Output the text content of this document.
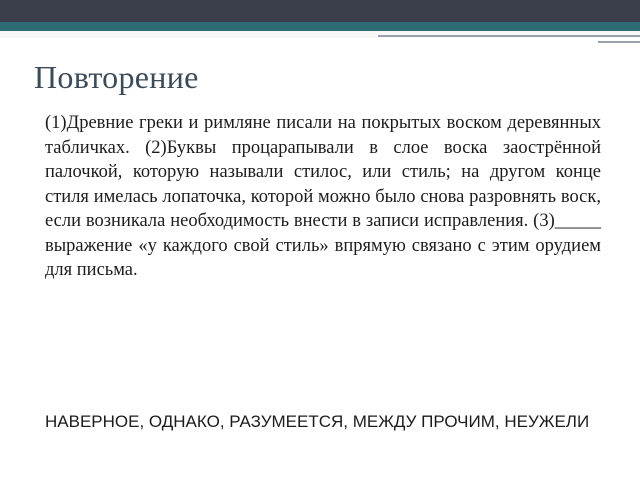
Повторение

(1)Древние греки и римляне писали на покрытых воском деревянных табличках. (2)Буквы процарапывали в слое воска заострённой палочкой, которую называли стилос, или стиль; на другом конце стиля имелась лопаточка, которой можно было снова разровнять воск, если возникала необходимость внести в записи исправления. (3)_____ выражение «у каждого свой стиль» впрямую связано с этим орудием для письма.

НАВЕРНОЕ, ОДНАКО, РАЗУМЕЕТСЯ, МЕЖДУ ПРОЧИМ, НЕУЖЕЛИ
